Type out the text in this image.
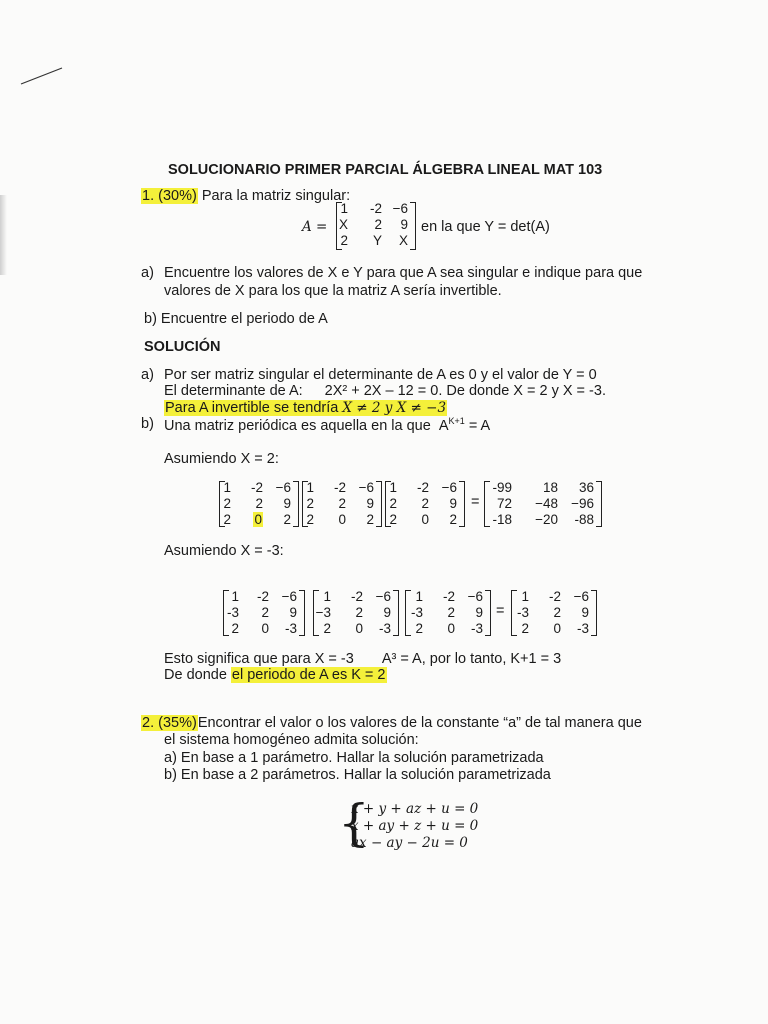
SOLUCIONARIO PRIMER PARCIAL ÁLGEBRA LINEAL MAT 103
1. (30%) Para la matriz singular:
A =
1 -2 −6
X 2 9
2 Y X
en la que Y = det(A)
a) Encuentre los valores de X e Y para que A sea singular e indique para que
valores de X para los que la matriz A sería invertible.
b) Encuentre el periodo de A
SOLUCIÓN
a) Por ser matriz singular el determinante de A es 0 y el valor de Y = 0
El determinante de A: 2X² + 2X – 12 = 0. De donde X = 2 y X = -3.
Para A invertible se tendría X ≠ 2 y X ≠ −3
b) Una matriz periódica es aquella en la que $A^{K+1} = A$
Asumiendo X = 2:
1 -2 −6
2 2 9
2 0 2
1 -2 −6
2 2 9
2 0 2
1 -2 −6
2 2 9
2 0 2
=
-99 18 36
72 −48 −96
-18 −20 -88
Asumiendo X = -3:
1 -2 −6
-3 2 9
2 0 -3
1 -2 −6
−3 2 9
2 0 -3
1 -2 −6
-3 2 9
2 0 -3
=
1 -2 −6
-3 2 9
2 0 -3
Esto significa que para X = -3 A³ = A, por lo tanto, K+1 = 3
De donde el periodo de A es K = 2
2. (35%)Encontrar el valor o los valores de la constante “a” de tal manera que
el sistema homogéneo admita solución:
a) En base a 1 parámetro. Hallar la solución parametrizada
b) En base a 2 parámetros. Hallar la solución parametrizada
{
x + y + az + u = 0
x + ay + z + u = 0
ax − ay − 2u = 0
